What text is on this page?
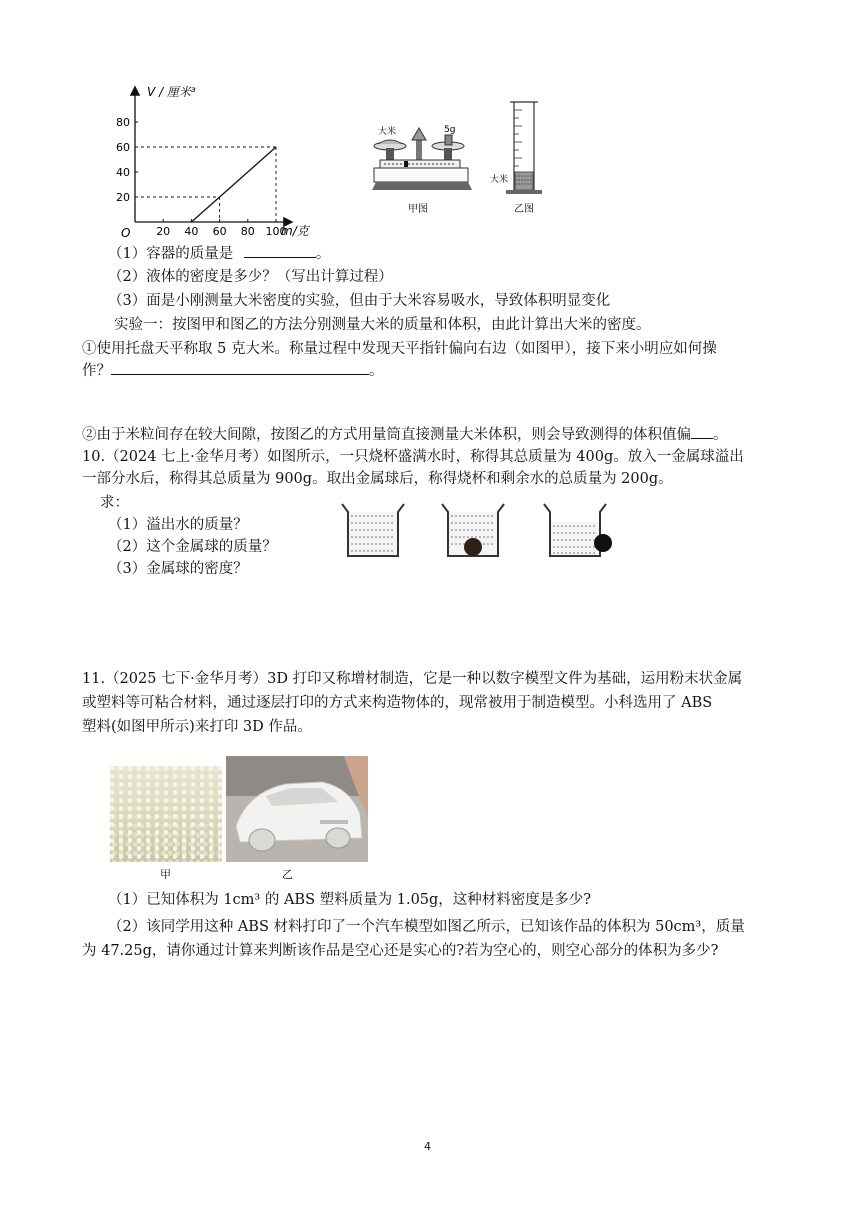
20 40 60 80 100
20
40
60
80
V / 厘米³
m/克
O
大米	5g
甲图
大米
乙图
（1）容器的质量是	。
（2）液体的密度是多少？（写出计算过程）
（3）面是小刚测量大米密度的实验，但由于大米容易吸水，导致体积明显变化
实验一：按图甲和图乙的方法分别测量大米的质量和体积，由此计算出大米的密度。
①使用托盘天平称取 5 克大米。称量过程中发现天平指针偏向右边（如图甲），接下来小明应如何操
作？	。
②由于米粒间存在较大间隙，按图乙的方式用量筒直接测量大米体积，则会导致测得的体积值偏 。
10.（2024 七上·金华月考）如图所示，一只烧杯盛满水时，称得其总质量为 400g。放入一金属球溢出
一部分水后，称得其总质量为 900g。取出金属球后，称得烧杯和剩余水的总质量为 200g。
求：
（1）溢出水的质量？
（2）这个金属球的质量？
（3）金属球的密度？
11.（2025 七下·金华月考）3D 打印又称增材制造，它是一种以数字模型文件为基础，运用粉末状金属
或塑料等可粘合材料，通过逐层打印的方式来构造物体的，现常被用于制造模型。小科选用了 ABS
塑料(如图甲所示)来打印 3D 作品。
甲	乙
（1）已知体积为 1cm³ 的 ABS 塑料质量为 1.05g，这种材料密度是多少?
（2）该同学用这种 ABS 材料打印了一个汽车模型如图乙所示，已知该作品的体积为 50cm³，质量
为 47.25g，请你通过计算来判断该作品是空心还是实心的?若为空心的，则空心部分的体积为多少?
4
